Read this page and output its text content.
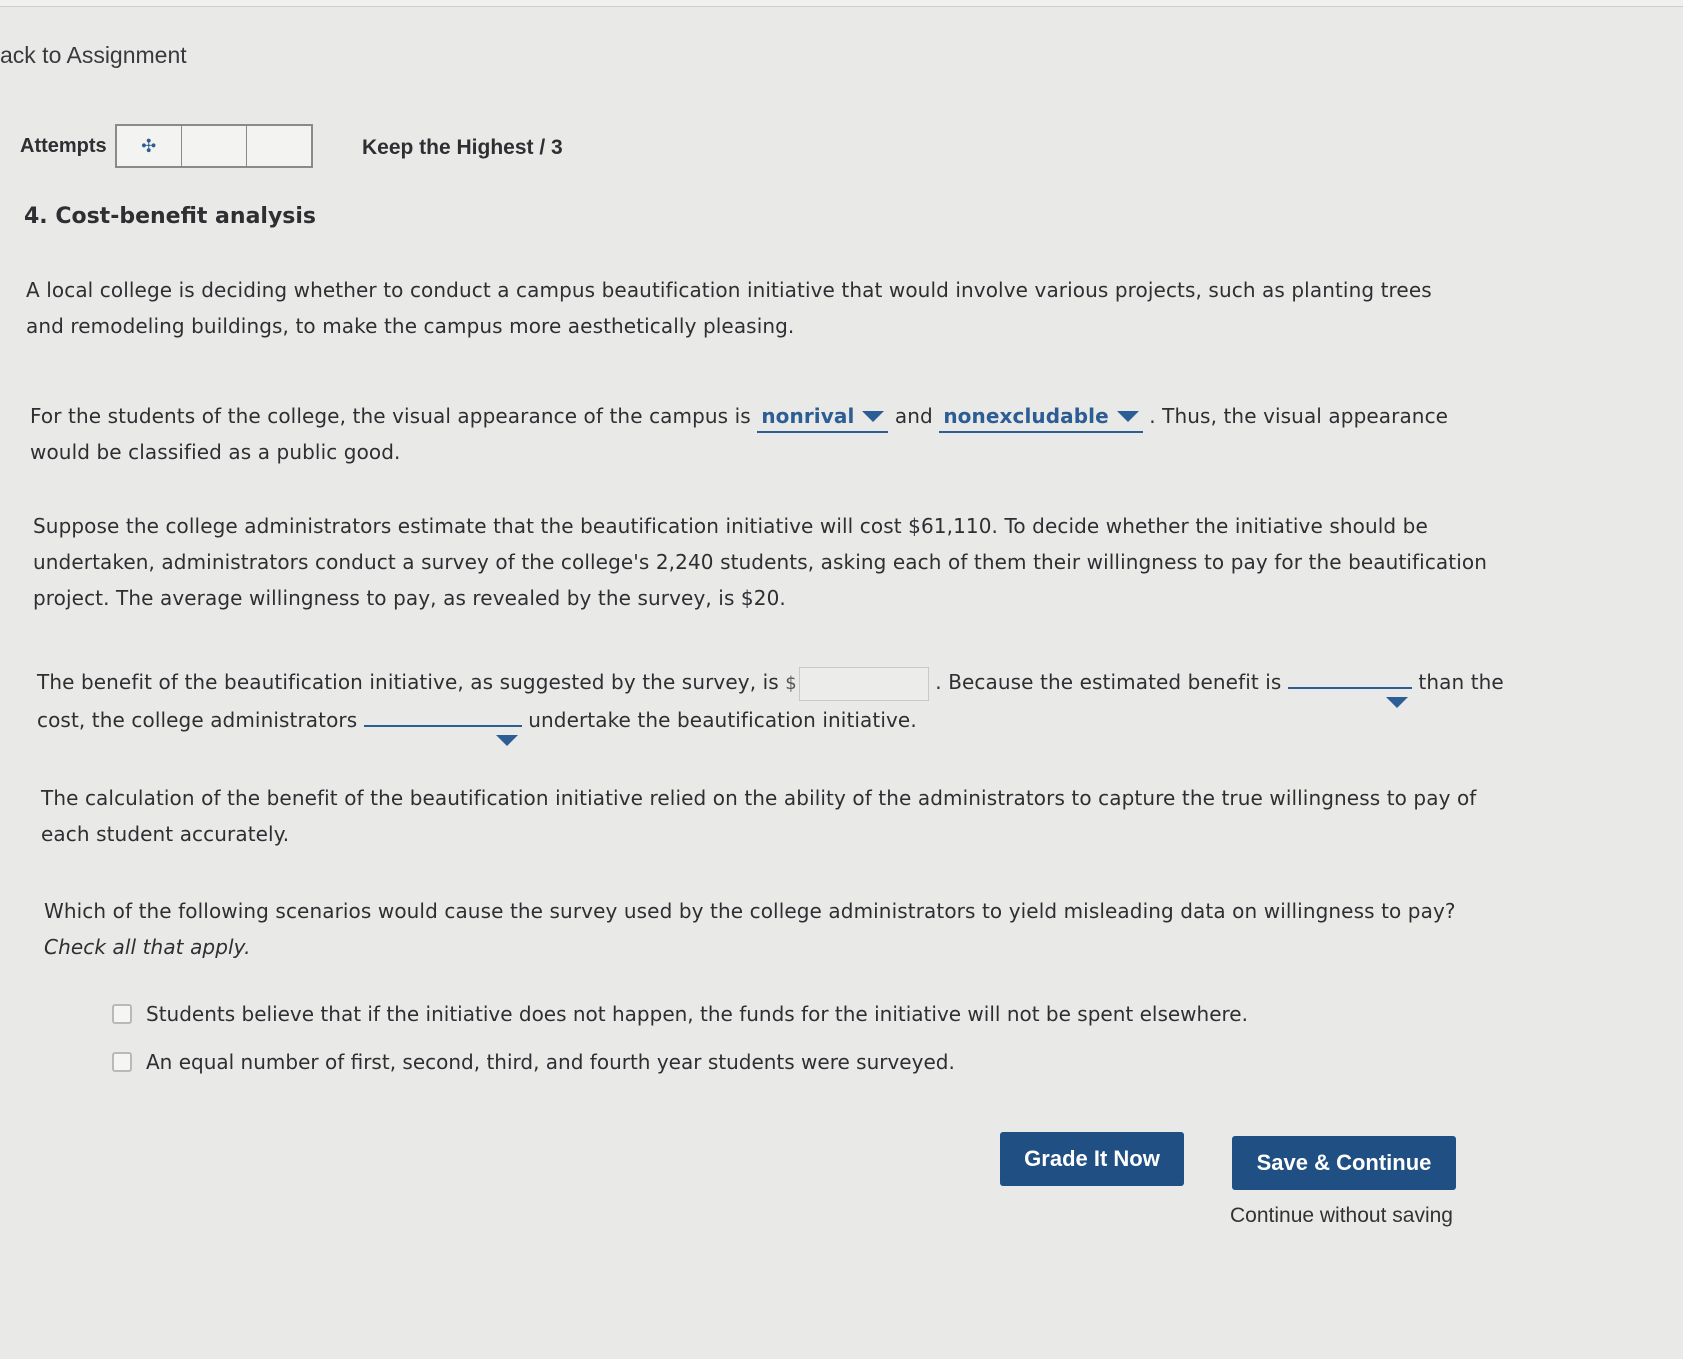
ack to Assignment
Attempts ✣	Keep the Highest / 3
4. Cost-benefit analysis
A local college is deciding whether to conduct a campus beautification initiative that would involve various projects, such as planting trees and remodeling buildings, to make the campus more aesthetically pleasing.
For the students of the college, the visual appearance of the campus is nonrival and nonexcludable . Thus, the visual appearance would be classified as a public good.
Suppose the college administrators estimate that the beautification initiative will cost $61,110. To decide whether the initiative should be undertaken, administrators conduct a survey of the college's 2,240 students, asking each of them their willingness to pay for the beautification project. The average willingness to pay, as revealed by the survey, is $20.
The benefit of the beautification initiative, as suggested by the survey, is $	. Because the estimated benefit is	than the cost, the college administrators	undertake the beautification initiative.
The calculation of the benefit of the beautification initiative relied on the ability of the administrators to capture the true willingness to pay of each student accurately.
Which of the following scenarios would cause the survey used by the college administrators to yield misleading data on willingness to pay? Check all that apply.
Students believe that if the initiative does not happen, the funds for the initiative will not be spent elsewhere.
An equal number of first, second, third, and fourth year students were surveyed.
Grade It Now	Save & Continue
Continue without saving
